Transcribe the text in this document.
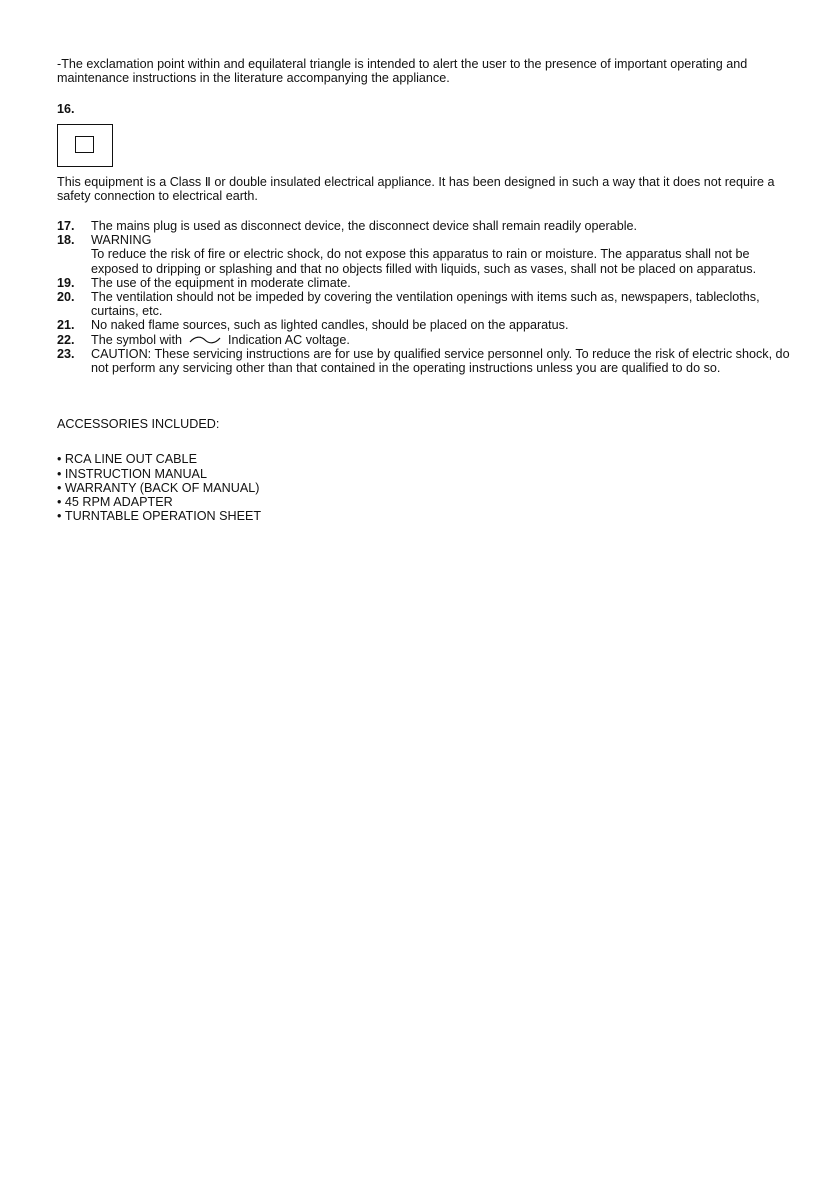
-The exclamation point within and equilateral triangle is intended to alert the user to the presence of important operating and maintenance instructions in the literature accompanying the appliance.

16.

This equipment is a Class Ⅱ or double insulated electrical appliance. It has been designed in such a way that it does not require a safety connection to electrical earth.

17.	The mains plug is used as disconnect device, the disconnect device shall remain readily operable.
18.	WARNING
To reduce the risk of fire or electric shock, do not expose this apparatus to rain or moisture. The apparatus shall not be exposed to dripping or splashing and that no objects filled with liquids, such as vases, shall not be placed on apparatus.
19.	The use of the equipment in moderate climate.
20.	The ventilation should not be impeded by covering the ventilation openings with items such as, newspapers, tablecloths, curtains, etc.
21.	No naked flame sources, such as lighted candles, should be placed on the apparatus.
22.	The symbol with	Indication AC voltage.
23.	CAUTION: These servicing instructions are for use by qualified service personnel only. To reduce the risk of electric shock, do not perform any servicing other than that contained in the operating instructions unless you are qualified to do so.
ACCESSORIES INCLUDED:
• RCA LINE OUT CABLE
• INSTRUCTION MANUAL
• WARRANTY (BACK OF MANUAL)
• 45 RPM ADAPTER
• TURNTABLE OPERATION SHEET
